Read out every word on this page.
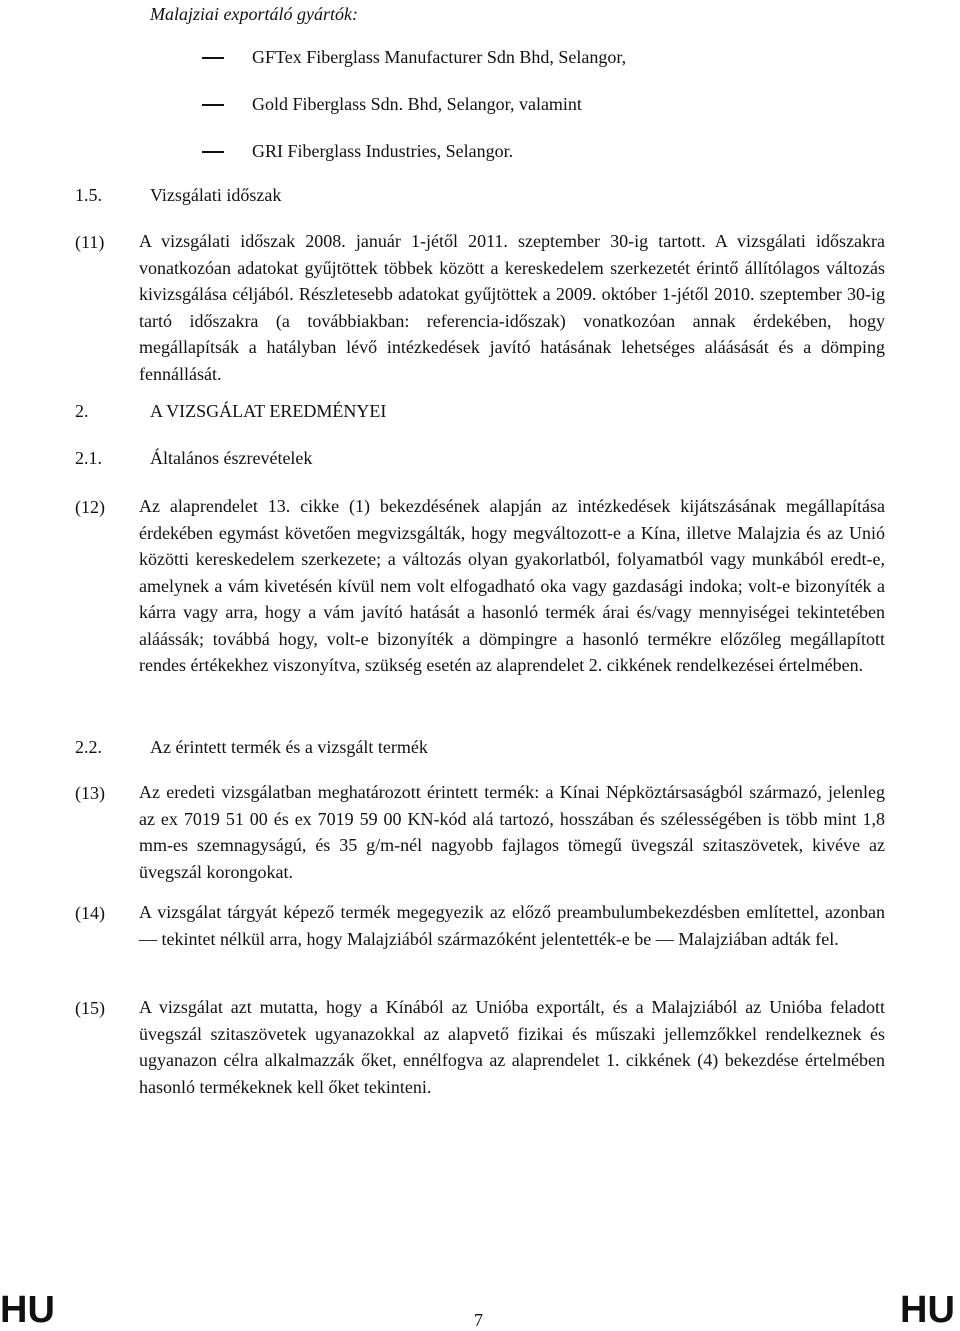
Malajziai exportáló gyártók:
GFTex Fiberglass Manufacturer Sdn Bhd, Selangor,
Gold Fiberglass Sdn. Bhd, Selangor, valamint
GRI Fiberglass Industries, Selangor.
1.5.	Vizsgálati időszak
(11) A vizsgálati időszak 2008. január 1-jétől 2011. szeptember 30-ig tartott. A vizsgálati időszakra vonatkozóan adatokat gyűjtöttek többek között a kereskedelem szerkezetét érintő állítólagos változás kivizsgálása céljából. Részletesebb adatokat gyűjtöttek a 2009. október 1-jétől 2010. szeptember 30-ig tartó időszakra (a továbbiakban: referencia-időszak) vonatkozóan annak érdekében, hogy megállapítsák a hatályban lévő intézkedések javító hatásának lehetséges aláásását és a dömping fennállását.
2.	A VIZSGÁLAT EREDMÉNYEI
2.1.	Általános észrevételek
(12) Az alaprendelet 13. cikke (1) bekezdésének alapján az intézkedések kijátszásának megállapítása érdekében egymást követően megvizsgálták, hogy megváltozott-e a Kína, illetve Malajzia és az Unió közötti kereskedelem szerkezete; a változás olyan gyakorlatból, folyamatból vagy munkából eredt-e, amelynek a vám kivetésén kívül nem volt elfogadható oka vagy gazdasági indoka; volt-e bizonyíték a kárra vagy arra, hogy a vám javító hatását a hasonló termék árai és/vagy mennyiségei tekintetében aláássák; továbbá hogy, volt-e bizonyíték a dömpingre a hasonló termékre előzőleg megállapított rendes értékekhez viszonyítva, szükség esetén az alaprendelet 2. cikkének rendelkezései értelmében.
2.2.	Az érintett termék és a vizsgált termék
(13) Az eredeti vizsgálatban meghatározott érintett termék: a Kínai Népköztársaságból származó, jelenleg az ex 7019 51 00 és ex 7019 59 00 KN-kód alá tartozó, hosszában és szélességében is több mint 1,8 mm-es szemnagyságú, és 35 g/m-nél nagyobb fajlagos tömegű üvegszál szitaszövetek, kivéve az üvegszál korongokat.
(14) A vizsgálat tárgyát képező termék megegyezik az előző preambulumbekezdésben említettel, azonban — tekintet nélkül arra, hogy Malajziából származóként jelentették-e be — Malajziában adták fel.
(15) A vizsgálat azt mutatta, hogy a Kínából az Unióba exportált, és a Malajziából az Unióba feladott üvegszál szitaszövetek ugyanazokkal az alapvető fizikai és műszaki jellemzőkkel rendelkeznek és ugyanazon célra alkalmazzák őket, ennélfogva az alaprendelet 1. cikkének (4) bekezdése értelmében hasonló termékeknek kell őket tekinteni.
HU	7	HU
